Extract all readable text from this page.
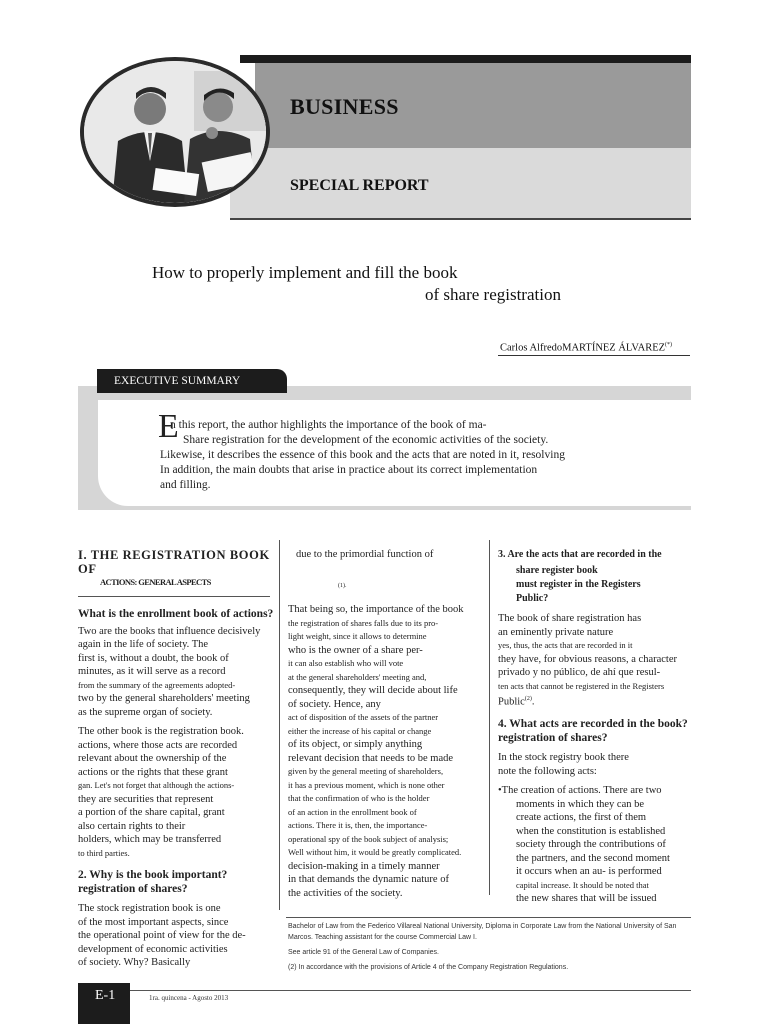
BUSINESS
SPECIAL REPORT
How to properly implement and fill the book
of share registration
Carlos AlfredoMARTÍNEZ ÁLVAREZ(*)
EXECUTIVE SUMMARY
E
n this report, the author highlights the importance of the book of ma-
Share registration for the development of the economic activities of the society.
Likewise, it describes the essence of this book and the acts that are noted in it, resolving
In addition, the main doubts that arise in practice about its correct implementation
and filling.
I. THE REGISTRATION BOOK OF
ACTIONS: GENERAL ASPECTS
What is the enrollment book of actions?

Two are the books that influence decisively
again in the life of society. The
first is, without a doubt, the book of
minutes, as it will serve as a record
from the summary of the agreements adopted-
two by the general shareholders' meeting
as the supreme organ of society.

The other book is the registration book.
actions, where those acts are recorded
relevant about the ownership of the
actions or the rights that these grant
gan. Let's not forget that although the actions-
they are securities that represent
a portion of the share capital, grant
also certain rights to their
holders, which may be transferred
to third parties.

2. Why is the book important? registration of shares?

The stock registration book is one
of the most important aspects, since
the operational point of view for the de-
development of economic activities
of society. Why? Basically

due to the primordial function of
(1).
That being so, the importance of the book
the registration of shares falls due to its pro-
light weight, since it allows to determine
who is the owner of a share per-
it can also establish who will vote
at the general shareholders' meeting and,
consequently, they will decide about life
of society. Hence, any
act of disposition of the assets of the partner
either the increase of his capital or change
of its object, or simply anything
relevant decision that needs to be made
given by the general meeting of shareholders,
it has a previous moment, which is none other
that the confirmation of who is the holder
of an action in the enrollment book of
actions. There it is, then, the importance-
operational spy of the book subject of analysis;
Well without him, it would be greatly complicated.
decision-making in a timely manner
in that demands the dynamic nature of
the activities of the society.
3. Are the acts that are recorded in the
share register book
must register in the Registers
Public?

The book of share registration has
an eminently private nature
yes, thus, the acts that are recorded in it
they have, for obvious reasons, a character
privado y no público, de ahí que resul-
ten acts that cannot be registered in the Registers
Public$^{(2)}$.

4. What acts are recorded in the book? registration of shares?

In the stock registry book there
note the following acts:

•The creation of actions. There are two
moments in which they can be
create actions, the first of them
when the constitution is established
society through the contributions of
the partners, and the second moment
it occurs when an au- is performed
capital increase. It should be noted that
the new shares that will be issued

Bachelor of Law from the Federico Villareal National University, Diploma in Corporate Law from the National University of San Marcos. Teaching assistant for the course Commercial Law I.
See article 91 of the General Law of Companies.
(2) In accordance with the provisions of Article 4 of the Company Registration Regulations.
E-1	1ra. quincena - Agosto 2013
